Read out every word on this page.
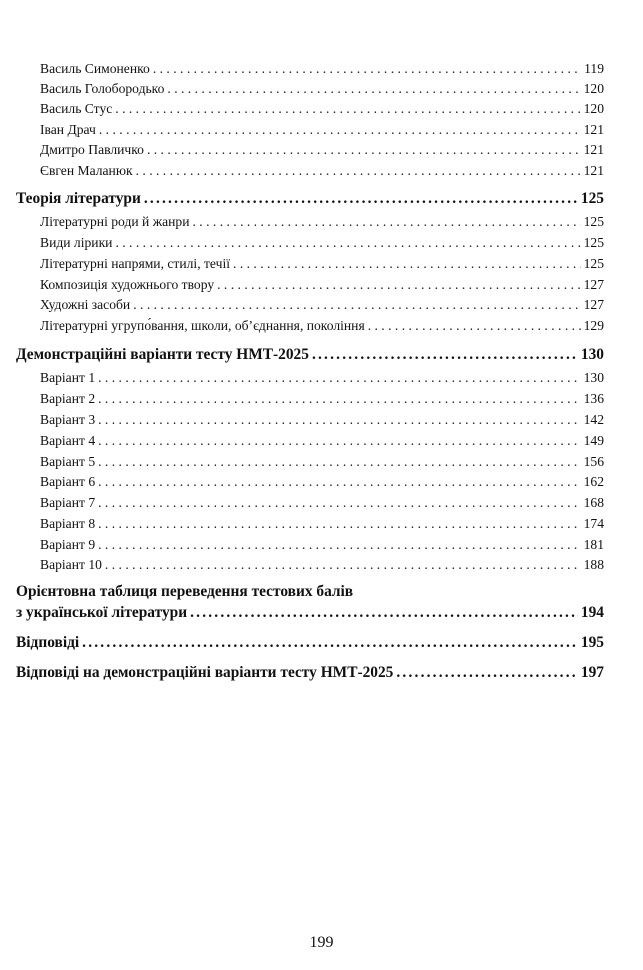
Василь Симоненко . . .	119
Василь Голобородько . . .	120
Василь Стус . . .	120
Іван Драч . . .	121
Дмитро Павличко . . .	121
Євген Маланюк . . .	121
Теорія літератури .....	125
Літературні роди й жанри . . .	125
Види лірики . . .	125
Літературні напрями, стилі, течії . . .	125
Композиція художнього твору . . .	127
Художні засоби . . .	127
Літературні угрупо́вання, школи, об’єднання, покоління . . .	129
Демонстраційні варіанти тесту НМТ-2025 .....	130
Варіант 1 . . .	130
Варіант 2 . . .	136
Варіант 3 . . .	142
Варіант 4 . . .	149
Варіант 5 . . .	156
Варіант 6 . . .	162
Варіант 7 . . .	168
Варіант 8 . . .	174
Варіант 9 . . .	181
Варіант 10 . . .	188
Орієнтовна таблиця переведення тестових балів
з української літератури .....	194
Відповіді .....	195
Відповіді на демонстраційні варіанти тесту НМТ-2025 .....	197
199
